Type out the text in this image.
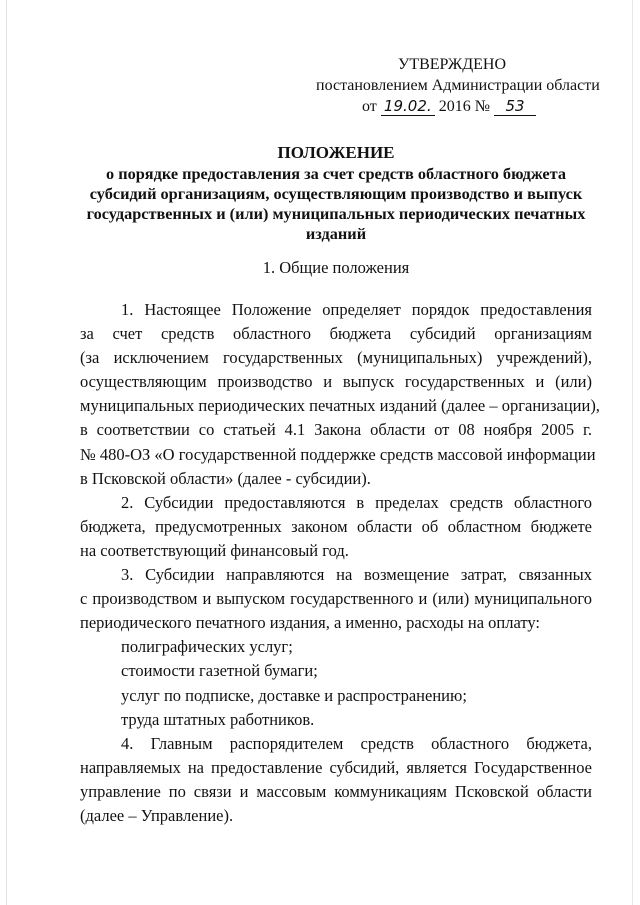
УТВЕРЖДЕНО
постановлением Администрации области
от 19.02. 2016 № 53
ПОЛОЖЕНИЕ
о порядке предоставления за счет средств областного бюджета
субсидий организациям, осуществляющим производство и выпуск
государственных и (или) муниципальных периодических печатных
изданий
1. Общие положения
1. Настоящее Положение определяет порядок предоставления
за счет средств областного бюджета субсидий организациям
(за исключением государственных (муниципальных) учреждений),
осуществляющим производство и выпуск государственных и (или)
муниципальных периодических печатных изданий (далее – организации),
в соответствии со статьей 4.1 Закона области от 08 ноября 2005 г.
№ 480-ОЗ «О государственной поддержке средств массовой информации
в Псковской области» (далее - субсидии).
2. Субсидии предоставляются в пределах средств областного
бюджета, предусмотренных законом области об областном бюджете
на соответствующий финансовый год.
3. Субсидии направляются на возмещение затрат, связанных
с производством и выпуском государственного и (или) муниципального
периодического печатного издания, а именно, расходы на оплату:
полиграфических услуг;
стоимости газетной бумаги;
услуг по подписке, доставке и распространению;
труда штатных работников.
4. Главным распорядителем средств областного бюджета,
направляемых на предоставление субсидий, является Государственное
управление по связи и массовым коммуникациям Псковской области
(далее – Управление).
